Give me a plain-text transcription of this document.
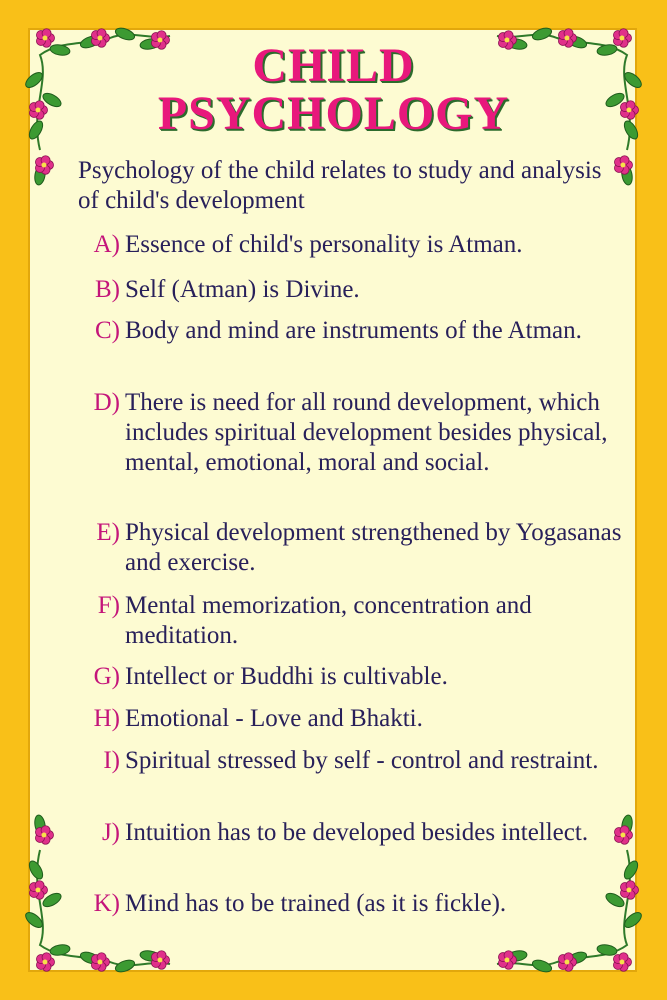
CHILD
PSYCHOLOGY
Psychology of the child relates to study and analysis of child's development
A) Essence of child's personality is Atman.
B) Self (Atman) is Divine.
C) Body and mind are instruments of the Atman.
D) There is need for all round development, which includes spiritual development besides physical, mental, emotional, moral and social.
E) Physical development strengthened by Yogasanas and exercise.
F) Mental memorization, concentration and meditation.
G) Intellect or Buddhi is cultivable.
H) Emotional - Love and Bhakti.
I) Spiritual stressed by self - control and restraint.
J) Intuition has to be developed besides intellect.
K) Mind has to be trained (as it is fickle).
